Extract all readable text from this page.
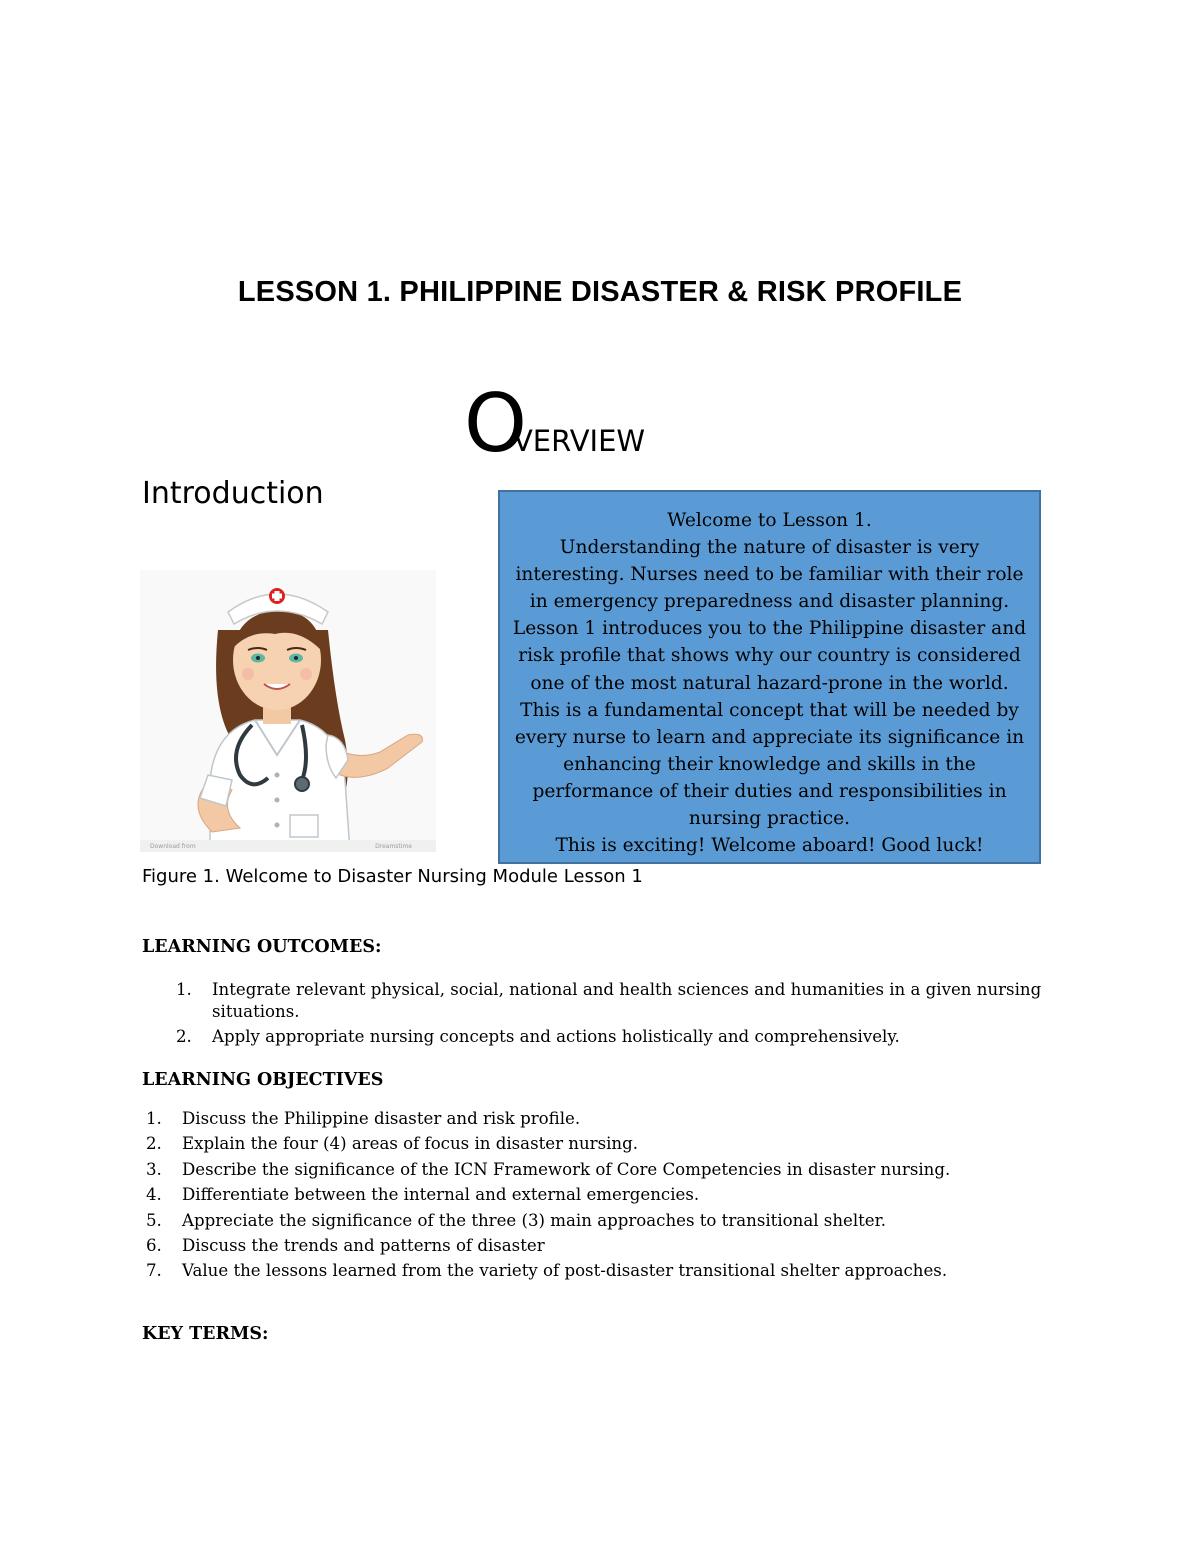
LESSON 1. PHILIPPINE DISASTER & RISK PROFILE
OVERVIEW
Introduction
Download from	Dreamstime

Welcome to Lesson 1.

Understanding the nature of disaster is very

interesting. Nurses need to be familiar with their role

in emergency preparedness and disaster planning.

Lesson 1 introduces you to the Philippine disaster and

risk profile that shows why our country is considered

one of the most natural hazard-prone in the world.

This is a fundamental concept that will be needed by

every nurse to learn and appreciate its significance in

enhancing their knowledge and skills in the

performance of their duties and responsibilities in

nursing practice.

This is exciting! Welcome aboard! Good luck!

Figure 1. Welcome to Disaster Nursing Module Lesson 1
LEARNING OUTCOMES:
1. Integrate relevant physical, social, national and health sciences and humanities in a given nursing situations.
2. Apply appropriate nursing concepts and actions holistically and comprehensively.
LEARNING OBJECTIVES
1. Discuss the Philippine disaster and risk profile.
2. Explain the four (4) areas of focus in disaster nursing.
3. Describe the significance of the ICN Framework of Core Competencies in disaster nursing.
4. Differentiate between the internal and external emergencies.
5. Appreciate the significance of the three (3) main approaches to transitional shelter.
6. Discuss the trends and patterns of disaster
7. Value the lessons learned from the variety of post-disaster transitional shelter approaches.
KEY TERMS:
